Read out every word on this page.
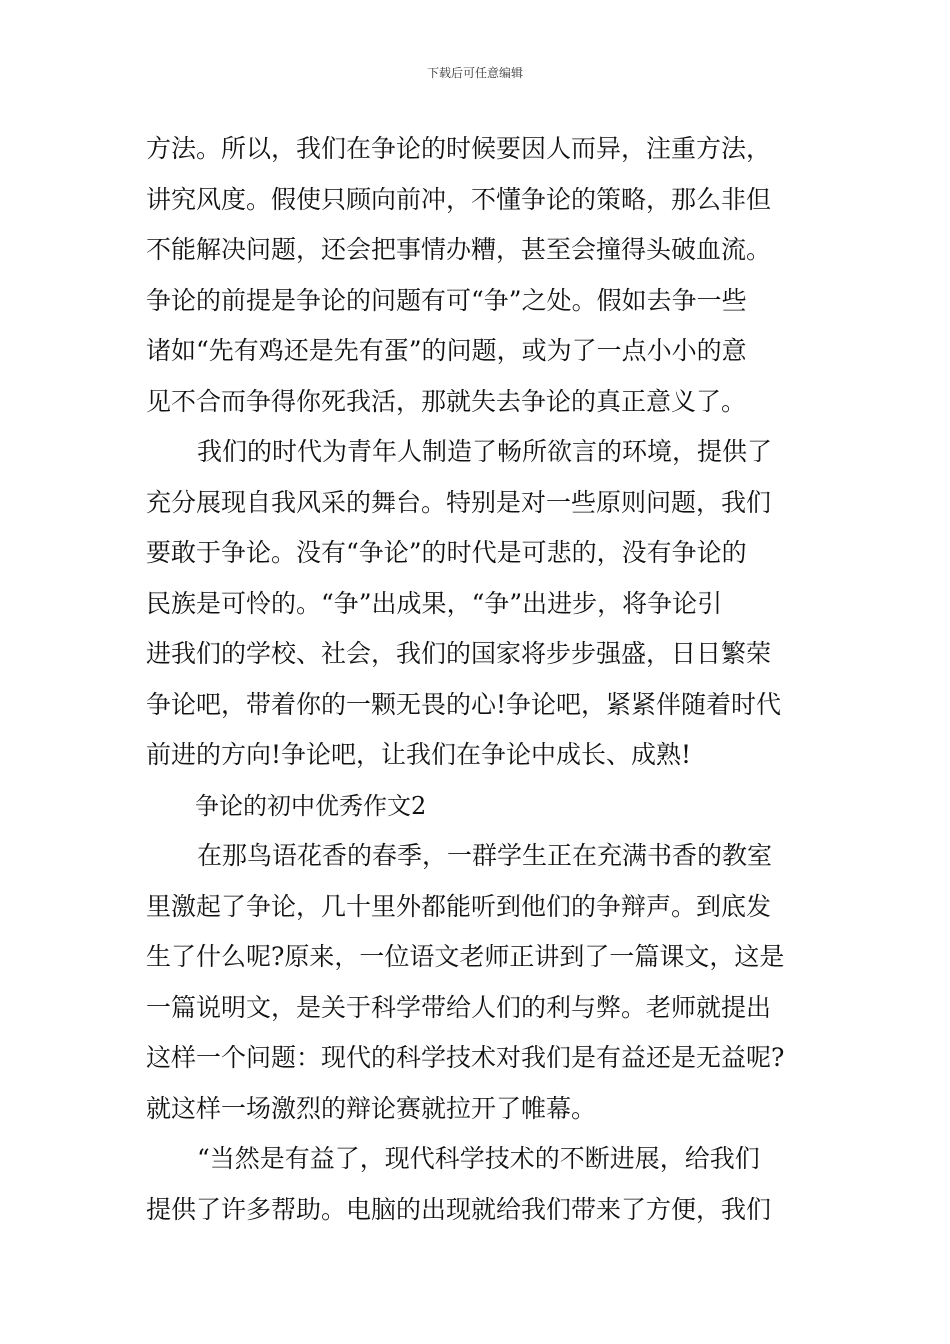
下载后可任意编辑
方法。所以，我们在争论的时候要因人而异，注重方法，
讲究风度。假使只顾向前冲，不懂争论的策略，那么非但
不能解决问题，还会把事情办糟，甚至会撞得头破血流。
争论的前提是争论的问题有可“争”之处。假如去争一些
诸如“先有鸡还是先有蛋”的问题，或为了一点小小的意
见不合而争得你死我活，那就失去争论的真正意义了。
我们的时代为青年人制造了畅所欲言的环境，提供了
充分展现自我风采的舞台。特别是对一些原则问题，我们
要敢于争论。没有“争论”的时代是可悲的，没有争论的
民族是可怜的。“争”出成果，“争”出进步，将争论引
进我们的学校、社会，我们的国家将步步强盛，日日繁荣
争论吧，带着你的一颗无畏的心!争论吧，紧紧伴随着时代
前进的方向!争论吧，让我们在争论中成长、成熟!
争论的初中优秀作文2
在那鸟语花香的春季，一群学生正在充满书香的教室
里激起了争论，几十里外都能听到他们的争辩声。到底发
生了什么呢?原来，一位语文老师正讲到了一篇课文，这是
一篇说明文，是关于科学带给人们的利与弊。老师就提出
这样一个问题：现代的科学技术对我们是有益还是无益呢?
就这样一场激烈的辩论赛就拉开了帷幕。
“当然是有益了，现代科学技术的不断进展，给我们
提供了许多帮助。电脑的出现就给我们带来了方便，我们
